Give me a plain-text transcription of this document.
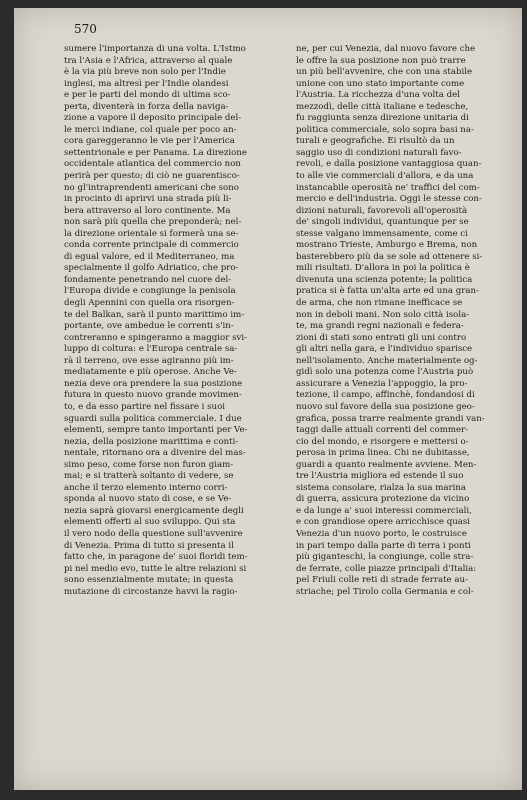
570
sumere l'importanza di una volta. L'Istmo
tra l'Asia e l'Africa, attraverso al quale
è la via più breve non solo per l'Indie
inglesi, ma altresì per l'Indie olandesi
e per le parti del mondo di ultima sco-
perta, diventerà in forza della naviga-
zione a vapore il deposito principale del-
le merci indiane, col quale per poco an-
cora gareggeranno le vie per l'America
settentrionale e per Panama. La direzione
occidentale atlantica del commercio non
perirà per questo; di ciò ne guarentisco-
no gl'intraprendenti americani che sono
in procinto di aprirvi una strada più li-
bera attraverso al loro continente. Ma
non sarà più quella che preponderà; nel-
la direzione orientale si formerà una se-
conda corrente principale di commercio
di egual valore, ed il Mediterraneo, ma
specialmente il golfo Adriatico, che pro-
fondamente penetrando nel cuore del-
l'Europa divide e congiunge la penisola
degli Apennini con quella ora risorgen-
te del Balkan, sarà il punto marittimo im-
portante, ove ambedue le correnti s'in-
contreranno e spingeranno a maggior svi-
luppo di coltura: e l'Europa centrale sa-
rà il terreno, ove esse agiranno più im-
mediatamente e più operose. Anche Ve-
nezia deve ora prendere la sua posizione
futura in questo nuovo grande movimen-
to, e da esso partire nel fissare i suoi
sguardi sulla politica commerciale. I due
elementi, sempre tanto importanti per Ve-
nezia, della posizione marittima e conti-
nentale, ritornano ora a divenire del mas-
simo peso, come forse non furon giam-
mai; e si tratterà soltanto di vedere, se
anche il terzo elemento interno corri-
sponda al nuovo stato di cose, e se Ve-
nezia saprà giovarsi energicamente degli
elementi offerti al suo sviluppo. Qui sta
il vero nodo della questione sull'avvenire
di Venezia. Prima di tutto si presenta il
fatto che, in paragone de' suoi floridi tem-
pi nel medio evo, tutte le altre relazioni si
sono essenzialmente mutate; in questa
mutazione di circostanze havvi la ragio-
ne, per cui Venezia, dal nuovo favore che
le offre la sua posizione non può trarre
un più bell'avvenire, che con una stabile
unione con uno stato importante come
l'Austria. La ricchezza d'una volta del
mezzodì, delle città italiane e tedesche,
fu raggiunta senza direzione unitaria di
politica commerciale, solo sopra basi na-
turali e geografiche. Ei risultò da un
saggio uso di condizioni naturali favo-
revoli, e dalla posizione vantaggiosa quan-
to alle vie commerciali d'allora, e da una
instancabile operosità ne' traffici del com-
mercio e dell'industria. Oggi le stesse con-
dizioni naturali, favorevoli all'operosità
de' singoli individui, quantunque per se
stesse valgano immensamente, come ci
mostrano Trieste, Amburgo e Brema, non
basterebbero più da se sole ad ottenere si-
mili risultati. D'allora in poi la politica è
divenuta una scienza potente; la politica
pratica si è fatta un'alta arte ed una gran-
de arma, che non rimane inefficace se
non in deboli mani. Non solo città isola-
te, ma grandi regni nazionali e federa-
zioni di stati sono entrati gli uni contro
gli altri nella gara, e l'individuo sparisce
nell'isolamento. Anche materialmente og-
gidì solo una potenza come l'Austria può
assicurare a Venezia l'appoggio, la pro-
tezione, il campo, affinchè, fondandosi di
nuovo sul favore della sua posizione geo-
grafica, possa trarre realmente grandi van-
taggi dalle attuali correnti del commer-
cio del mondo, e risorgere e mettersi o-
perosa in prima linea. Chi ne dubitasse,
guardi a quanto realmente avviene. Men-
tre l'Austria migliora ed estende il suo
sistema consolare, rialza la sua marina
di guerra, assicura protezione da vicino
e da lunge a' suoi interessi commerciali,
e con grandiose opere arricchisce quasi
Venezia d'un nuovo porto, le costruisce
in pari tempo dalla parte di terra i ponti
più giganteschi, la congiunge, colle stra-
de ferrate, colle piazze principali d'Italia:
pel Friuli colle reti di strade ferrate au-
striache; pel Tirolo colla Germania e col-
